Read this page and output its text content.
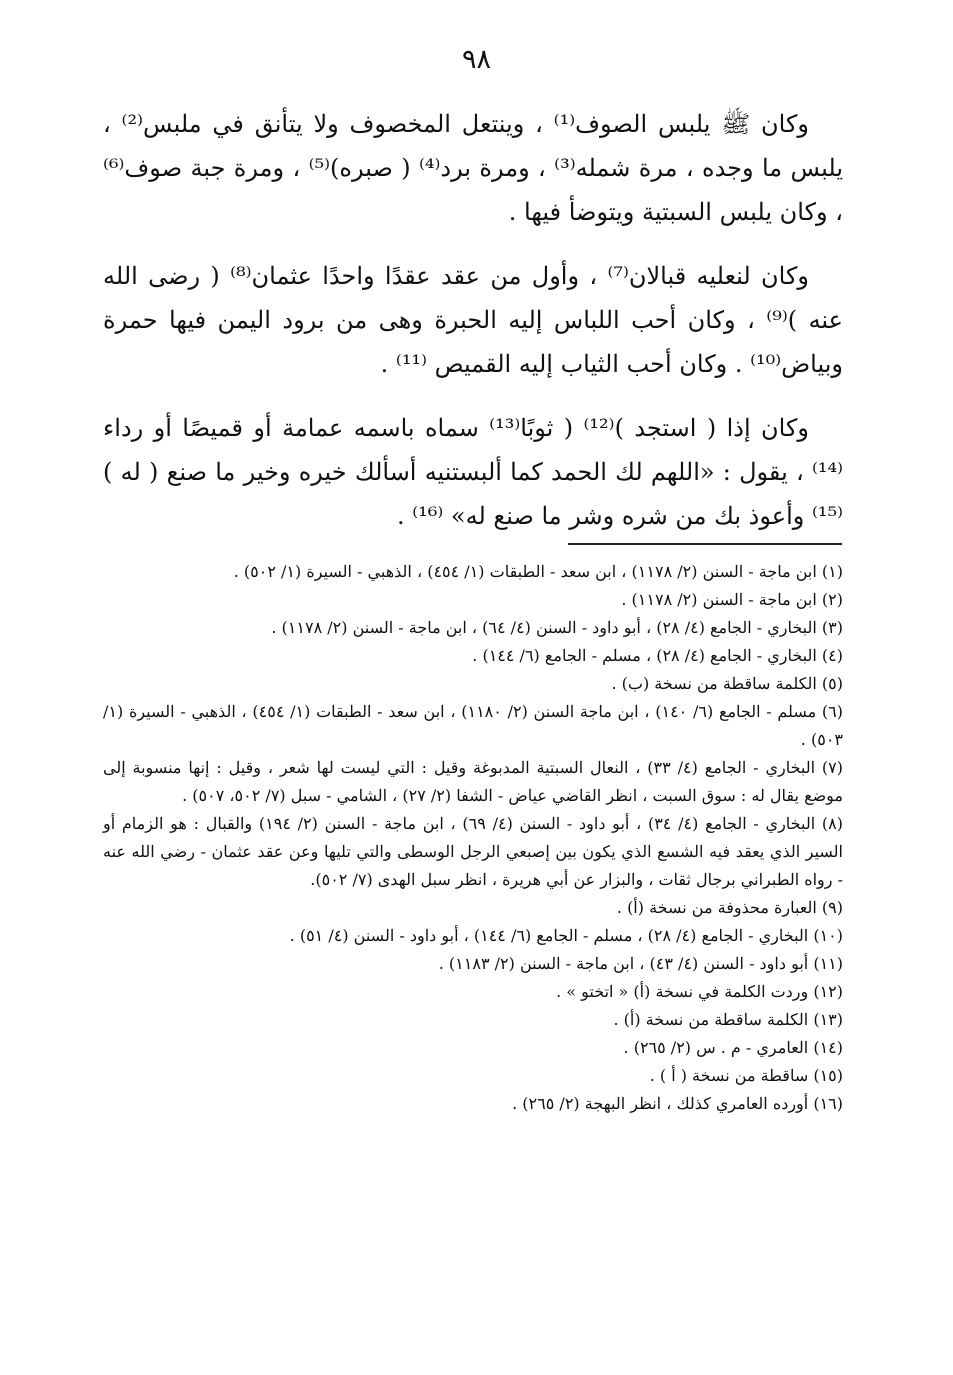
٩٨

وكان ﷺ يلبس الصوف⁽¹⁾ ، وينتعل المخصوف ولا يتأنق في ملبس⁽²⁾ ، يلبس ما وجده ، مرة شمله⁽³⁾ ، ومرة برد⁽⁴⁾ ( صبره)⁽⁵⁾ ، ومرة جبة صوف⁽⁶⁾ ، وكان يلبس السبتية ويتوضأ فيها .

وكان لنعليه قبالان⁽⁷⁾ ، وأول من عقد عقدًا واحدًا عثمان⁽⁸⁾ ( رضى الله عنه )⁽⁹⁾ ، وكان أحب اللباس إليه الحبرة وهى من برود اليمن فيها حمرة وبياض⁽¹⁰⁾ . وكان أحب الثياب إليه القميص ⁽¹¹⁾ .

وكان إذا ( استجد )⁽¹²⁾ ( ثوبًا⁽¹³⁾ سماه باسمه عمامة أو قميصًا أو رداء ⁽¹⁴⁾ ، يقول : «اللهم لك الحمد كما ألبستنيه أسألك خيره وخير ما صنع ( له )⁽¹⁵⁾ وأعوذ بك من شره وشر ما صنع له» ⁽¹⁶⁾ .

(١) ابن ماجة - السنن (٢/ ١١٧٨) ، ابن سعد - الطبقات (١/ ٤٥٤) ، الذهبي - السيرة (١/ ٥٠٢) .

(٢) ابن ماجة - السنن (٢/ ١١٧٨) .

(٣) البخاري - الجامع (٤/ ٢٨) ، أبو داود - السنن (٤/ ٦٤) ، ابن ماجة - السنن (٢/ ١١٧٨) .

(٤) البخاري - الجامع (٤/ ٢٨) ، مسلم - الجامع (٦/ ١٤٤) .

(٥) الكلمة ساقطة من نسخة (ب) .

(٦) مسلم - الجامع (٦/ ١٤٠) ، ابن ماجة السنن (٢/ ١١٨٠) ، ابن سعد - الطبقات (١/ ٤٥٤) ، الذهبي - السيرة (١/ ٥٠٣) .

(٧) البخاري - الجامع (٤/ ٣٣) ، النعال السبتية المدبوغة وقيل : التي ليست لها شعر ، وقيل : إنها منسوبة إلى موضع يقال له : سوق السبت ، انظر القاضي عياض - الشفا (٢/ ٢٧) ، الشامي - سبل (٧/ ٥٠٢، ٥٠٧) .

(٨) البخاري - الجامع (٤/ ٣٤) ، أبو داود - السنن (٤/ ٦٩) ، ابن ماجة - السنن (٢/ ١٩٤) والقبال : هو الزمام أو السير الذي يعقد فيه الشسع الذي يكون بين إصبعي الرجل الوسطى والتي تليها وعن عقد عثمان - رضي الله عنه - رواه الطبراني برجال ثقات ، والبزار عن أبي هريرة ، انظر سبل الهدى (٧/ ٥٠٢).

(٩) العبارة محذوفة من نسخة (أ) .

(١٠) البخاري - الجامع (٤/ ٢٨) ، مسلم - الجامع (٦/ ١٤٤) ، أبو داود - السنن (٤/ ٥١) .

(١١) أبو داود - السنن (٤/ ٤٣) ، ابن ماجة - السنن (٢/ ١١٨٣) .

(١٢) وردت الكلمة في نسخة (أ) « اتختو » .

(١٣) الكلمة ساقطة من نسخة (أ) .

(١٤) العامري - م . س (٢/ ٢٦٥) .

(١٥) ساقطة من نسخة ( أ ) .

(١٦) أورده العامري كذلك ، انظر البهجة (٢/ ٢٦٥) .
